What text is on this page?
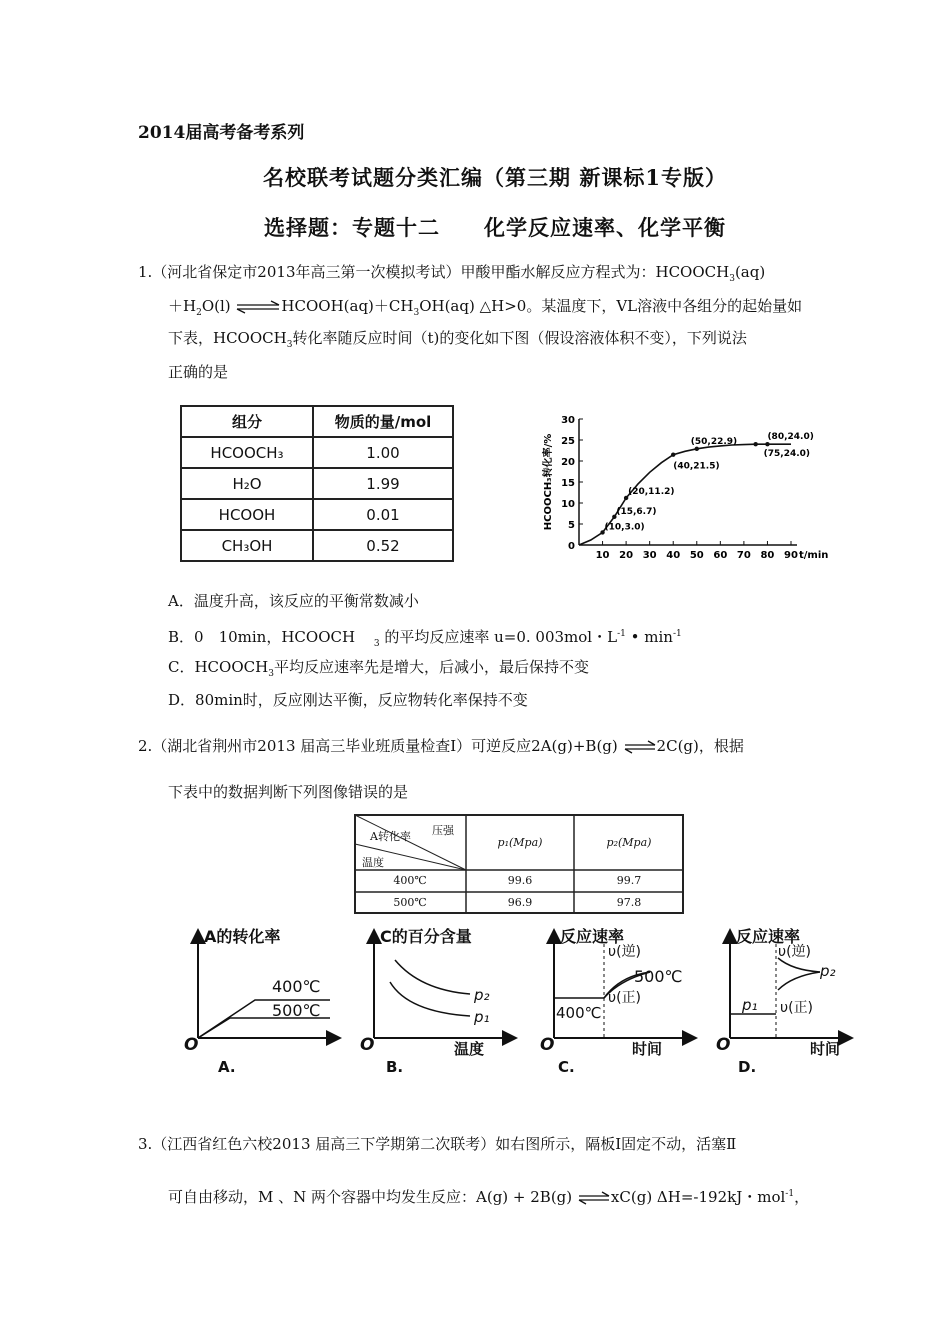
2014届高考备考系列
名校联考试题分类汇编（第三期 新课标1专版）
选择题：专题十二　　化学反应速率、化学平衡
1.（河北省保定市2013年高三第一次模拟考试）甲酸甲酯水解反应方程式为：$HCOOCH_3(aq)$
$+H_2O(l)$ $\rightleftharpoons HCOOH(aq)+CH_3OH(aq)$ △H>0。某温度下，VL溶液中各组分的起始量如
下表，$HCOOCH_3$转化率随反应时间（t)的变化如下图（假设溶液体积不变），下列说法
正确的是
组分	物质的量/mol
HCOOCH₃	1.00
H₂O	1.99
HCOOH	0.01
CH₃OH	0.52	0
5
10
15
20
25
30
10 20 30 40 50 60 70 80 90 t/min
HCOOCH₃转化率/%	(10,3.0)
(15,6.7)
(20,11.2)
(40,21.5)
(50,22.9)
(75,24.0)
(80,24.0)
A．温度升高，该反应的平衡常数减小
B．0　10min，HCOOCH $_3$ 的平均反应速率 u=0. 003mol・$L^{-1}$ • $\min^{-1}$
C．$HCOOCH_3$平均反应速率先是增大，后减小，最后保持不变
D．80min时，反应刚达平衡，反应物转化率保持不变
2.（湖北省荆州市2013 届高三毕业班质量检查Ⅰ）可逆反应2A(g)+B(g) ⇌2C(g)，根据
下表中的数据判断下列图像错误的是
压强
A转化率
温度
p₁(Mpa)	p₂(Mpa)
400℃	99.6	99.7
500℃	96.9	97.8
A的转化率
400℃
500℃
O
A.
C的百分含量
p₂
p₁
O	温度
B.
反应速率
υ(逆)
500℃
υ(正)
400℃
O	时间
C.
反应速率
υ(逆)
p₂
p₁ υ(正)
O	时间
D.
3.（江西省红色六校2013 届高三下学期第二次联考）如右图所示，隔板Ⅰ固定不动，活塞Ⅱ
可自由移动，M 、N 两个容器中均发生反应：A(g) + 2B(g) ⇌xC(g) ΔH=-192kJ・mol$^{-1}$，
